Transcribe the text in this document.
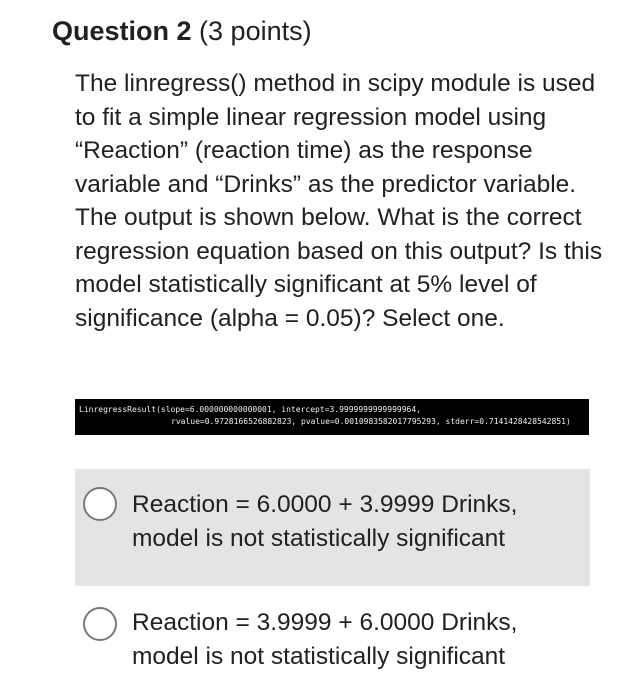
Question 2 (3 points)
The linregress() method in scipy module is used to fit a simple linear regression model using “Reaction” (reaction time) as the response variable and “Drinks” as the predictor variable. The output is shown below. What is the correct regression equation based on this output? Is this model statistically significant at 5% level of significance (alpha = 0.05)? Select one.
LinregressResult(slope=6.000000000000001, intercept=3.9999999999999964,
rvalue=0.9728166526882823, pvalue=0.0010983582017795293, stderr=0.7141428428542851)
Reaction = 6.0000 + 3.9999 Drinks,
model is not statistically significant
Reaction = 3.9999 + 6.0000 Drinks,
model is not statistically significant
